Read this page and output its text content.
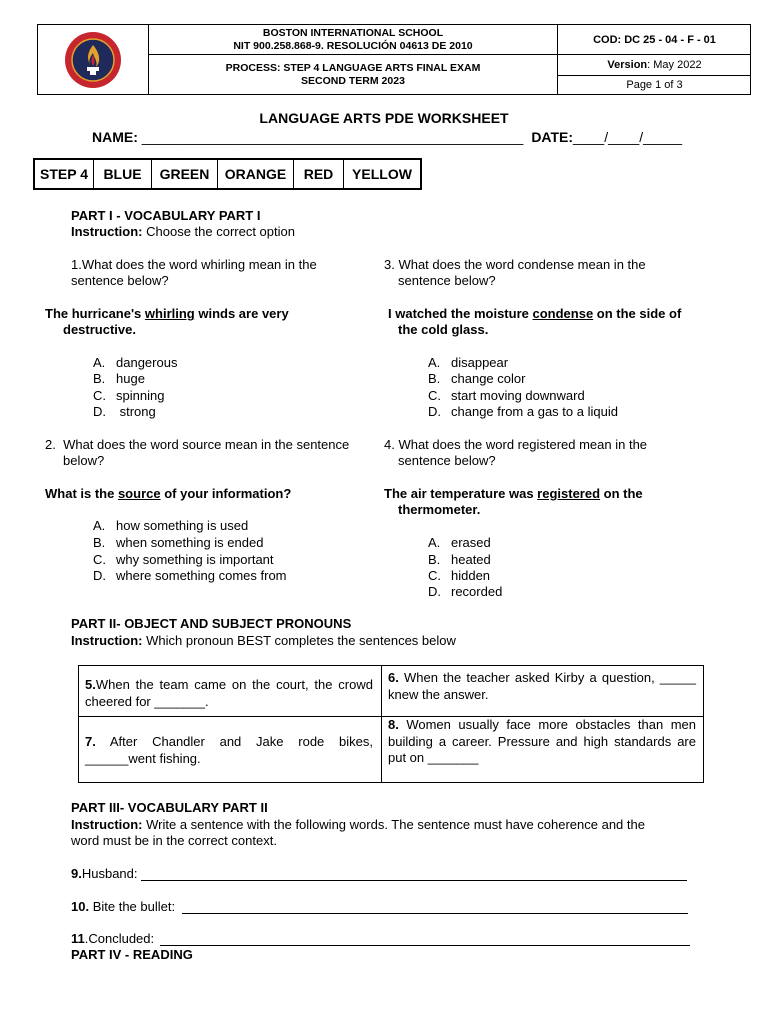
BOSTON INTERNATIONAL SCHOOL
NIT 900.258.868-9. RESOLUCIÓN 04613 DE 2010
PROCESS: STEP 4 LANGUAGE ARTS FINAL EXAM
SECOND TERM 2023
COD: DC 25 - 04 - F - 01
Version : May 2022
Page 1 of 3
LANGUAGE ARTS PDE WORKSHEET
NAME: _________________________________________________ DATE:____/____/_____
STEP 4	BLUE	GREEN	ORANGE	RED	YELLOW
PART I - VOCABULARY PART I
Instruction: Choose the correct option
1.What does the word whirling mean in the
sentence below?
The hurricane's whirling winds are very
destructive.
A. dangerous
B. huge
C. spinning
D. strong
3. What does the word condense mean in the
sentence below?
I watched the moisture condense on the side of
the cold glass.
A. disappear
B. change color
C. start moving downward
D. change from a gas to a liquid
2.  What does the word source mean in the sentence
below?
What is the source of your information?
A. how something is used
B. when something is ended
C. why something is important
D. where something comes from
4. What does the word registered mean in the
sentence below?
The air temperature was registered on the
thermometer.
A. erased
B. heated
C. hidden
D. recorded
PART II- OBJECT AND SUBJECT PRONOUNS
Instruction: Which pronoun BEST completes the sentences below
5.When the team came on the court, the crowd cheered for _______.
6. When the teacher asked Kirby a question, _____ knew the answer.
7. After Chandler and Jake rode bikes, ______went fishing.
8. Women usually face more obstacles than men building a career. Pressure and high standards are put on _______
PART III- VOCABULARY PART II
Instruction: Write a sentence with the following words. The sentence must have coherence and the
word must be in the correct context.
9.Husband:
10. Bite the bullet:
11.Concluded:
PART IV - READING
